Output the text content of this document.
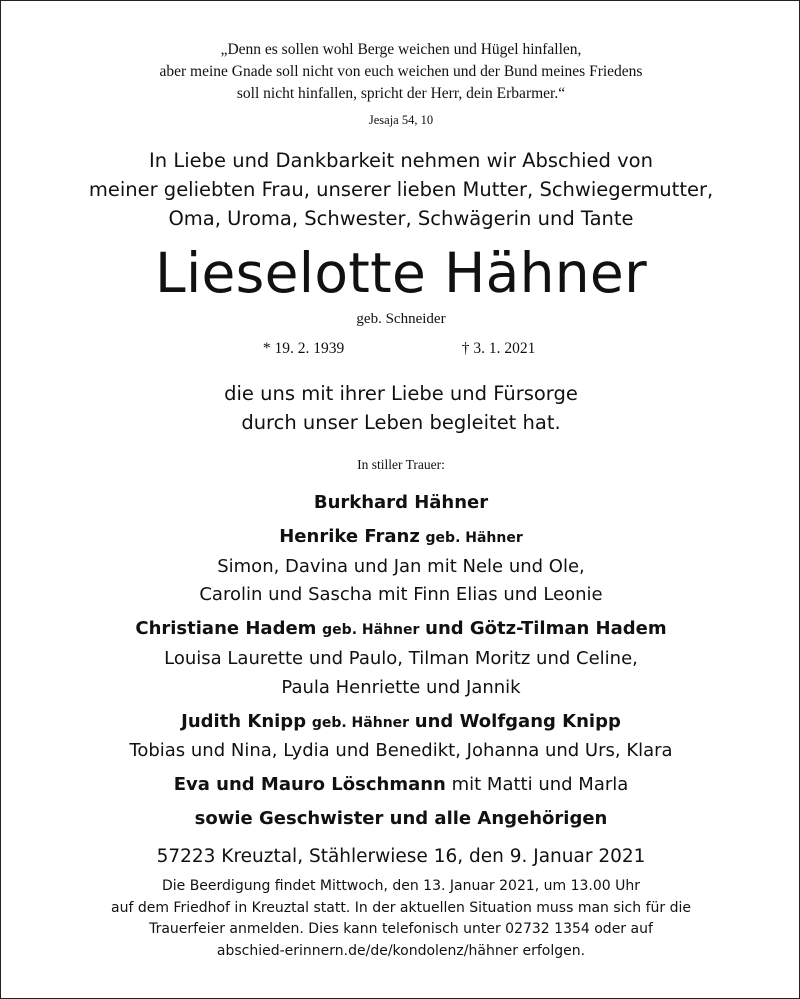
„Denn es sollen wohl Berge weichen und Hügel hinfallen,
aber meine Gnade soll nicht von euch weichen und der Bund meines Friedens
soll nicht hinfallen, spricht der Herr, dein Erbarmer.“
Jesaja 54, 10
In Liebe und Dankbarkeit nehmen wir Abschied von
meiner geliebten Frau, unserer lieben Mutter, Schwiegermutter,
Oma, Uroma, Schwester, Schwägerin und Tante
Lieselotte Hähner
geb. Schneider
* 19. 2. 1939	† 3. 1. 2021
die uns mit ihrer Liebe und Fürsorge
durch unser Leben begleitet hat.
In stiller Trauer:
Burkhard Hähner
Henrike Franz geb. Hähner
Simon, Davina und Jan mit Nele und Ole,
Carolin und Sascha mit Finn Elias und Leonie
Christiane Hadem geb. Hähner und Götz-Tilman Hadem
Louisa Laurette und Paulo, Tilman Moritz und Celine,
Paula Henriette und Jannik
Judith Knipp geb. Hähner und Wolfgang Knipp
Tobias und Nina, Lydia und Benedikt, Johanna und Urs, Klara
Eva und Mauro Löschmann mit Matti und Marla
sowie Geschwister und alle Angehörigen
57223 Kreuztal, Stählerwiese 16, den 9. Januar 2021
Die Beerdigung findet Mittwoch, den 13. Januar 2021, um 13.00 Uhr
auf dem Friedhof in Kreuztal statt. In der aktuellen Situation muss man sich für die
Trauerfeier anmelden. Dies kann telefonisch unter 02732 1354 oder auf
abschied-erinnern.de/de/kondolenz/hähner erfolgen.
